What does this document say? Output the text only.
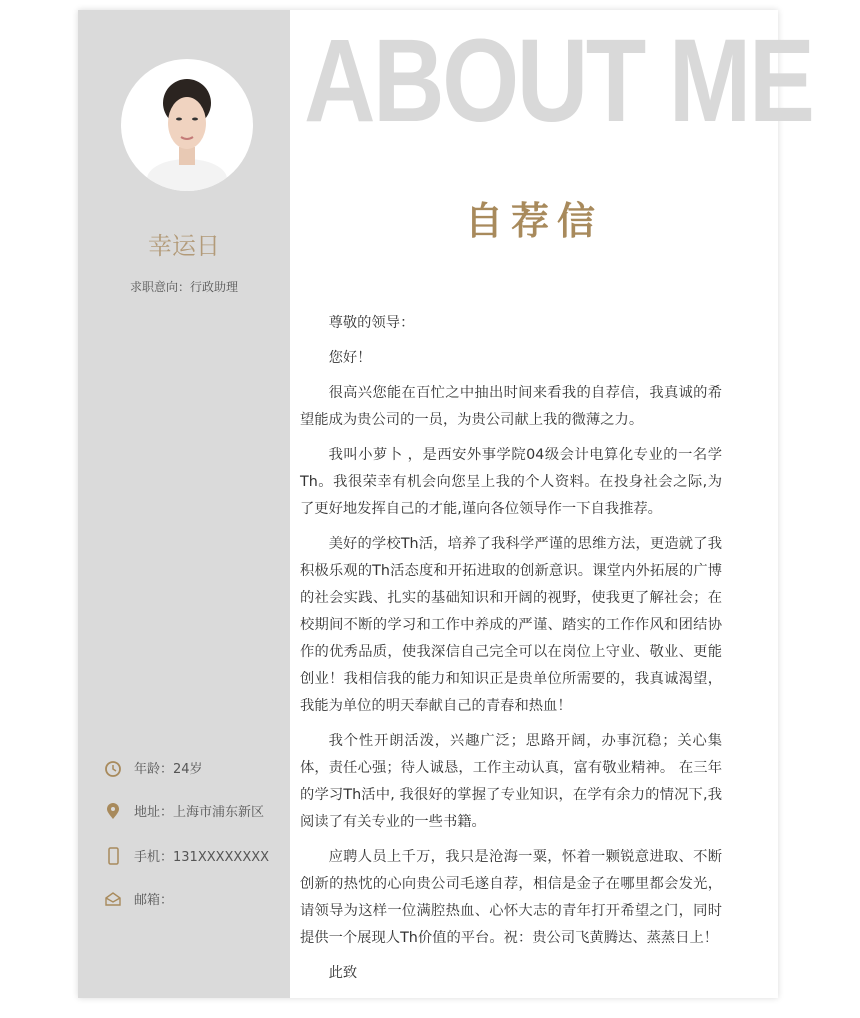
幸运日
求职意向：行政助理
年龄：24岁
地址：上海市浦东新区
手机：131XXXXXXXX
邮箱：
ABOUT ME
自荐信

尊敬的领导：

您好！

很高兴您能在百忙之中抽出时间来看我的自荐信，我真诚的希望能成为贵公司的一员，为贵公司献上我的微薄之力。

我叫小萝卜 ，是西安外事学院04级会计电算化专业的一名学Th。我很荣幸有机会向您呈上我的个人资料。在投身社会之际,为了更好地发挥自己的才能,谨向各位领导作一下自我推荐。

美好的学校Th活，培养了我科学严谨的思维方法，更造就了我积极乐观的Th活态度和开拓进取的创新意识。课堂内外拓展的广博的社会实践、扎实的基础知识和开阔的视野，使我更了解社会；在校期间不断的学习和工作中养成的严谨、踏实的工作作风和团结协作的优秀品质，使我深信自己完全可以在岗位上守业、敬业、更能创业！我相信我的能力和知识正是贵单位所需要的，我真诚渴望，我能为单位的明天奉献自己的青春和热血！

我个性开朗活泼，兴趣广泛；思路开阔，办事沉稳；关心集体，责任心强；待人诚恳，工作主动认真，富有敬业精神。 在三年的学习Th活中, 我很好的掌握了专业知识，在学有余力的情况下,我阅读了有关专业的一些书籍。

应聘人员上千万，我只是沧海一粟，怀着一颗锐意进取、不断创新的热忱的心向贵公司毛遂自荐，相信是金子在哪里都会发光，请领导为这样一位满腔热血、心怀大志的青年打开希望之门，同时提供一个展现人Th价值的平台。祝：贵公司飞黄腾达、蒸蒸日上！

此致
